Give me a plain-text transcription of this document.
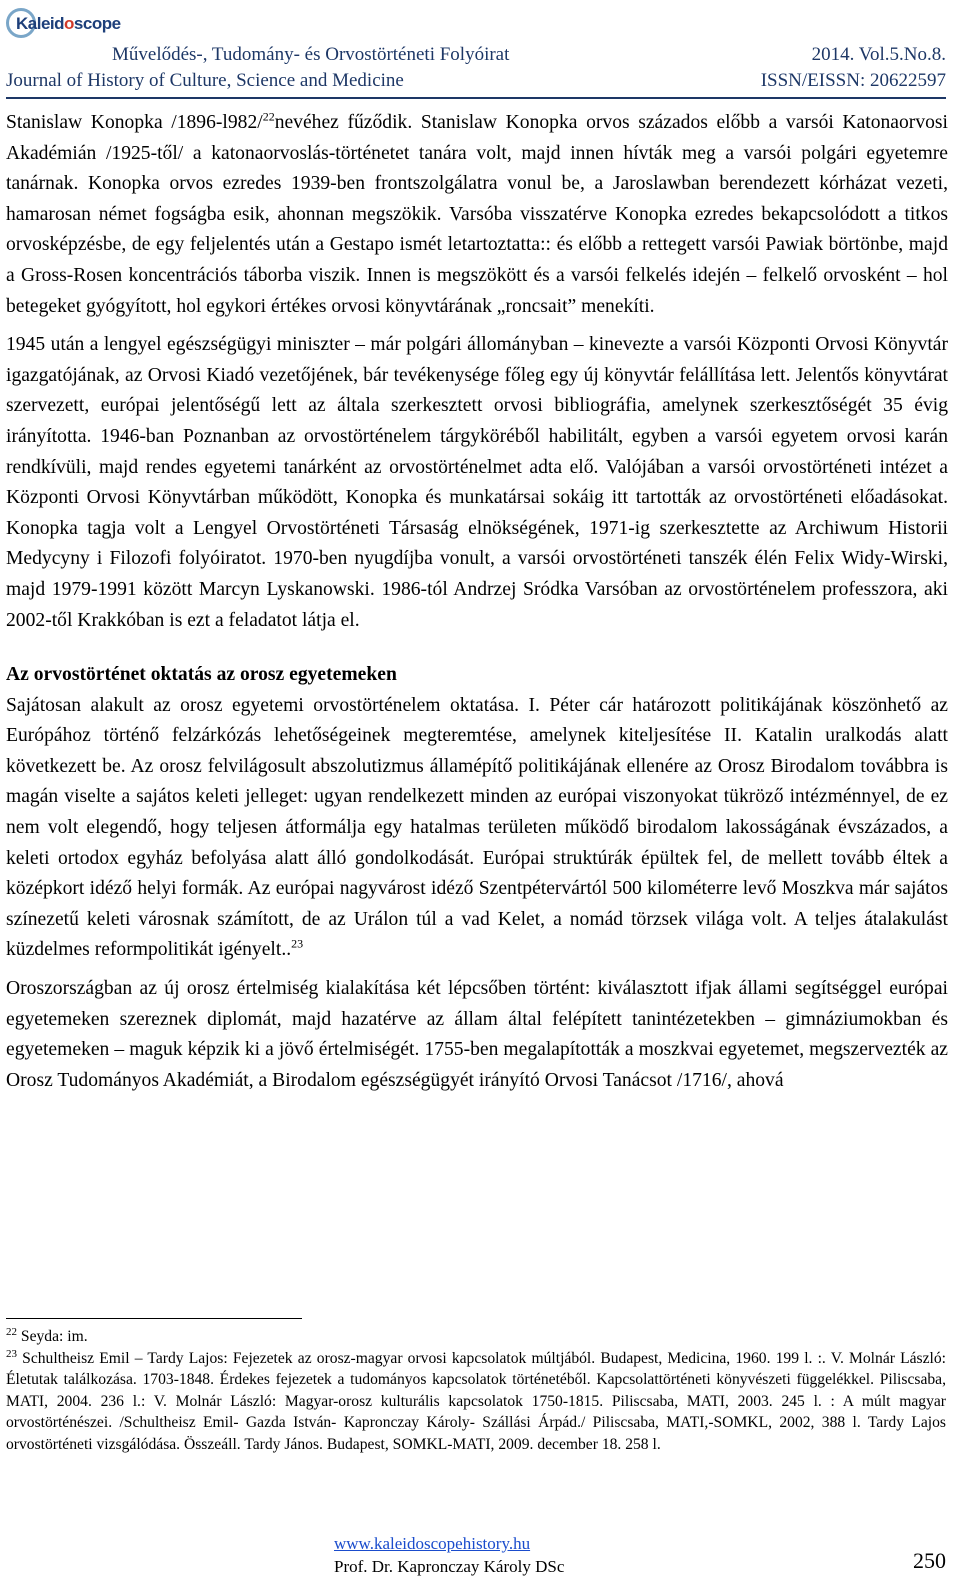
Kaleidoscope
Művelődés-, Tudomány- és Orvostörténeti Folyóirat
Journal of History of Culture, Science and Medicine
2014. Vol.5.No.8.
ISSN/EISSN: 20622597

Stanislaw Konopka /1896-l982/$^{22}$nevéhez fűződik. Stanislaw Konopka orvos százados előbb a varsói Katonaorvosi Akadémián /1925-től/ a katonaorvoslás-történetet tanára volt, majd innen hívták meg a varsói polgári egyetemre tanárnak. Konopka orvos ezredes 1939-ben frontszolgálatra vonul be, a Jaroslawban berendezett kórházat vezeti, hamarosan német fogságba esik, ahonnan megszökik. Varsóba visszatérve Konopka ezredes bekapcsolódott a titkos orvosképzésbe, de egy feljelentés után a Gestapo ismét letartoztatta:: és előbb a rettegett varsói Pawiak börtönbe, majd a Gross-Rosen koncentrációs táborba viszik. Innen is megszökött és a varsói felkelés idején – felkelő orvosként – hol betegeket gyógyított, hol egykori értékes orvosi könyvtárának „roncsait” menekíti.

1945 után a lengyel egészségügyi miniszter – már polgári állományban – kinevezte a varsói Központi Orvosi Könyvtár igazgatójának, az Orvosi Kiadó vezetőjének, bár tevékenysége főleg egy új könyvtár felállítása lett. Jelentős könyvtárat szervezett, európai jelentőségű lett az általa szerkesztett orvosi bibliográfia, amelynek szerkesztőségét 35 évig irányította. 1946-ban Poznanban az orvostörténelem tárgyköréből habilitált, egyben a varsói egyetem orvosi karán rendkívüli, majd rendes egyetemi tanárként az orvostörténelmet adta elő. Valójában a varsói orvostörténeti intézet a Központi Orvosi Könyvtárban működött, Konopka és munkatársai sokáig itt tartották az orvostörténeti előadásokat. Konopka tagja volt a Lengyel Orvostörténeti Társaság elnökségének, 1971-ig szerkesztette az Archiwum Historii Medycyny i Filozofi folyóiratot. 1970-ben nyugdíjba vonult, a varsói orvostörténeti tanszék élén Felix Widy-Wirski, majd 1979-1991 között Marcyn Lyskanowski. 1986-tól Andrzej Sródka Varsóban az orvostörténelem professzora, aki 2002-től Krakkóban is ezt a feladatot látja el.

Az orvostörténet oktatás az orosz egyetemeken

Sajátosan alakult az orosz egyetemi orvostörténelem oktatása. I. Péter cár határozott politikájának köszönhető az Európához történő felzárkózás lehetőségeinek megteremtése, amelynek kiteljesítése II. Katalin uralkodás alatt következett be. Az orosz felvilágosult abszolutizmus államépítő politikájának ellenére az Orosz Birodalom továbbra is magán viselte a sajátos keleti jelleget: ugyan rendelkezett minden az európai viszonyokat tükröző intézménnyel, de ez nem volt elegendő, hogy teljesen átformálja egy hatalmas területen működő birodalom lakosságának évszázados, a keleti ortodox egyház befolyása alatt álló gondolkodását. Európai struktúrák épültek fel, de mellett tovább éltek a középkort idéző helyi formák. Az európai nagyvárost idéző Szentpétervártól 500 kilométerre levő Moszkva már sajátos színezetű keleti városnak számított, de az Urálon túl a vad Kelet, a nomád törzsek világa volt. A teljes átalakulást küzdelmes reformpolitikát igényelt..$^{23}$

Oroszországban az új orosz értelmiség kialakítása két lépcsőben történt: kiválasztott ifjak állami segítséggel európai egyetemeken szereznek diplomát, majd hazatérve az állam által felépített tanintézetekben – gimnáziumokban és egyetemeken – maguk képzik ki a jövő értelmiségét. 1755-ben megalapították a moszkvai egyetemet, megszervezték az Orosz Tudományos Akadémiát, a Birodalom egészségügyét irányító Orvosi Tanácsot /1716/, ahová

$^{22}$ Seyda: im.

$^{23}$ Schultheisz Emil – Tardy Lajos: Fejezetek az orosz-magyar orvosi kapcsolatok múltjából. Budapest, Medicina, 1960. 199 l. :. V. Molnár László: Életutak találkozása. 1703-1848. Érdekes fejezetek a tudományos kapcsolatok történetéből. Kapcsolattörténeti könyvészeti függelékkel. Piliscsaba, MATI, 2004. 236 l.: V. Molnár László: Magyar-orosz kulturális kapcsolatok 1750-1815. Piliscsaba, MATI, 2003. 245 l. : A múlt magyar orvostörténészei. /Schultheisz Emil- Gazda István- Kapronczay Károly- Szállási Árpád./ Piliscsaba, MATI,-SOMKL, 2002, 388 l. Tardy Lajos orvostörténeti vizsgálódása. Összeáll. Tardy János. Budapest, SOMKL-MATI, 2009. december 18. 258 l.

www.kaleidoscopehistory.hu
Prof. Dr. Kapronczay Károly DSc	250
